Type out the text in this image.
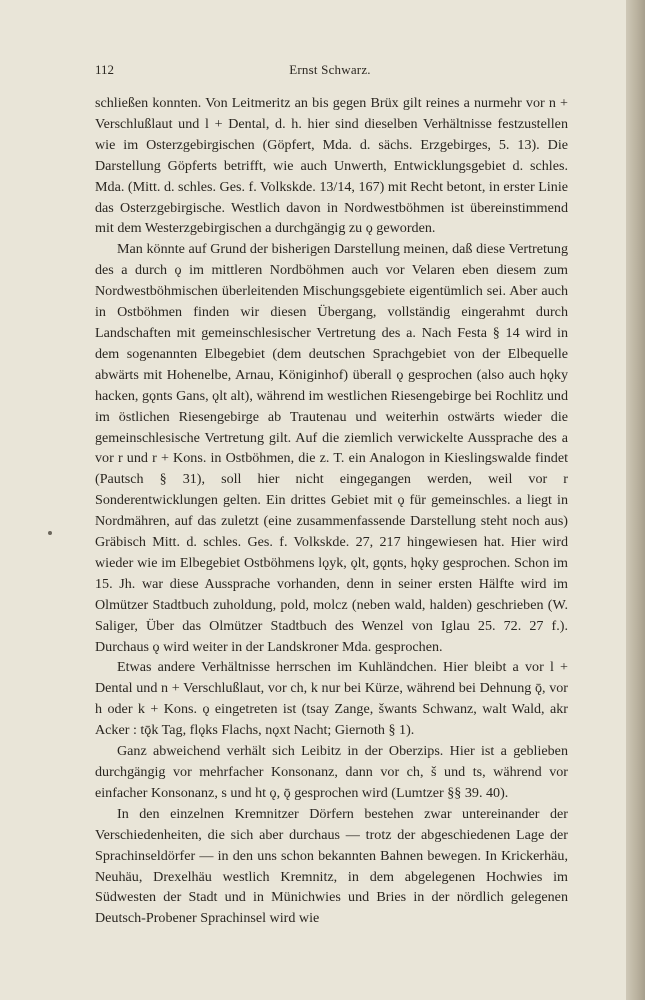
112	Ernst Schwarz.

schließen konnten. Von Leitmeritz an bis gegen Brüx gilt reines a nurmehr vor n + Verschlußlaut und l + Dental, d. h. hier sind dieselben Verhältnisse festzustellen wie im Osterzgebirgischen (Göpfert, Mda. d. sächs. Erzgebirges, 5. 13). Die Darstellung Göpferts betrifft, wie auch Unwerth, Entwicklungsgebiet d. schles. Mda. (Mitt. d. schles. Ges. f. Volkskde. 13/14, 167) mit Recht betont, in erster Linie das Osterzgebirgische. Westlich davon in Nordwestböhmen ist übereinstimmend mit dem Westerzgebirgischen a durchgängig zu ǫ geworden.

Man könnte auf Grund der bisherigen Darstellung meinen, daß diese Vertretung des a durch ǫ im mittleren Nordböhmen auch vor Velaren eben diesem zum Nordwestböhmischen überleitenden Mischungsgebiete eigentümlich sei. Aber auch in Ostböhmen finden wir diesen Übergang, vollständig eingerahmt durch Landschaften mit gemeinschlesischer Vertretung des a. Nach Festa § 14 wird in dem sogenannten Elbegebiet (dem deutschen Sprachgebiet von der Elbequelle abwärts mit Hohenelbe, Arnau, Königinhof) überall ǫ gesprochen (also auch hǫky hacken, gǫnts Gans, ǫlt alt), während im westlichen Riesengebirge bei Rochlitz und im östlichen Riesengebirge ab Trautenau und weiterhin ostwärts wieder die gemeinschlesische Vertretung gilt. Auf die ziemlich verwickelte Aussprache des a vor r und r + Kons. in Ostböhmen, die z. T. ein Analogon in Kieslingswalde findet (Pautsch § 31), soll hier nicht eingegangen werden, weil vor r Sonderentwicklungen gelten. Ein drittes Gebiet mit ǫ für gemeinschles. a liegt in Nordmähren, auf das zuletzt (eine zusammenfassende Darstellung steht noch aus) Gräbisch Mitt. d. schles. Ges. f. Volkskde. 27, 217 hingewiesen hat. Hier wird wieder wie im Elbegebiet Ostböhmens lǫyk, ǫlt, gǫnts, hǫky gesprochen. Schon im 15. Jh. war diese Aussprache vorhanden, denn in seiner ersten Hälfte wird im Olmützer Stadtbuch zuholdung, pold, molcz (neben wald, halden) geschrieben (W. Saliger, Über das Olmützer Stadtbuch des Wenzel von Iglau 25. 72. 27 f.). Durchaus ǫ wird weiter in der Landskroner Mda. gesprochen.

Etwas andere Verhältnisse herrschen im Kuhländchen. Hier bleibt a vor l + Dental und n + Verschlußlaut, vor ch, k nur bei Kürze, während bei Dehnung ǭ, vor h oder k + Kons. ǫ eingetreten ist (tsay Zange, šwants Schwanz, walt Wald, akr Acker : tǭk Tag, flǫks Flachs, nǫxt Nacht; Giernoth § 1).

Ganz abweichend verhält sich Leibitz in der Oberzips. Hier ist a geblieben durchgängig vor mehrfacher Konsonanz, dann vor ch, š und ts, während vor einfacher Konsonanz, s und ht ǫ, ǭ gesprochen wird (Lumtzer §§ 39. 40).

In den einzelnen Kremnitzer Dörfern bestehen zwar untereinander der Verschiedenheiten, die sich aber durchaus — trotz der abgeschiedenen Lage der Sprachinseldörfer — in den uns schon bekannten Bahnen bewegen. In Krickerhäu, Neuhäu, Drexelhäu westlich Kremnitz, in dem abgelegenen Hochwies im Südwesten der Stadt und in Münichwies und Bries in der nördlich gelegenen Deutsch-Probener Sprachinsel wird wie
